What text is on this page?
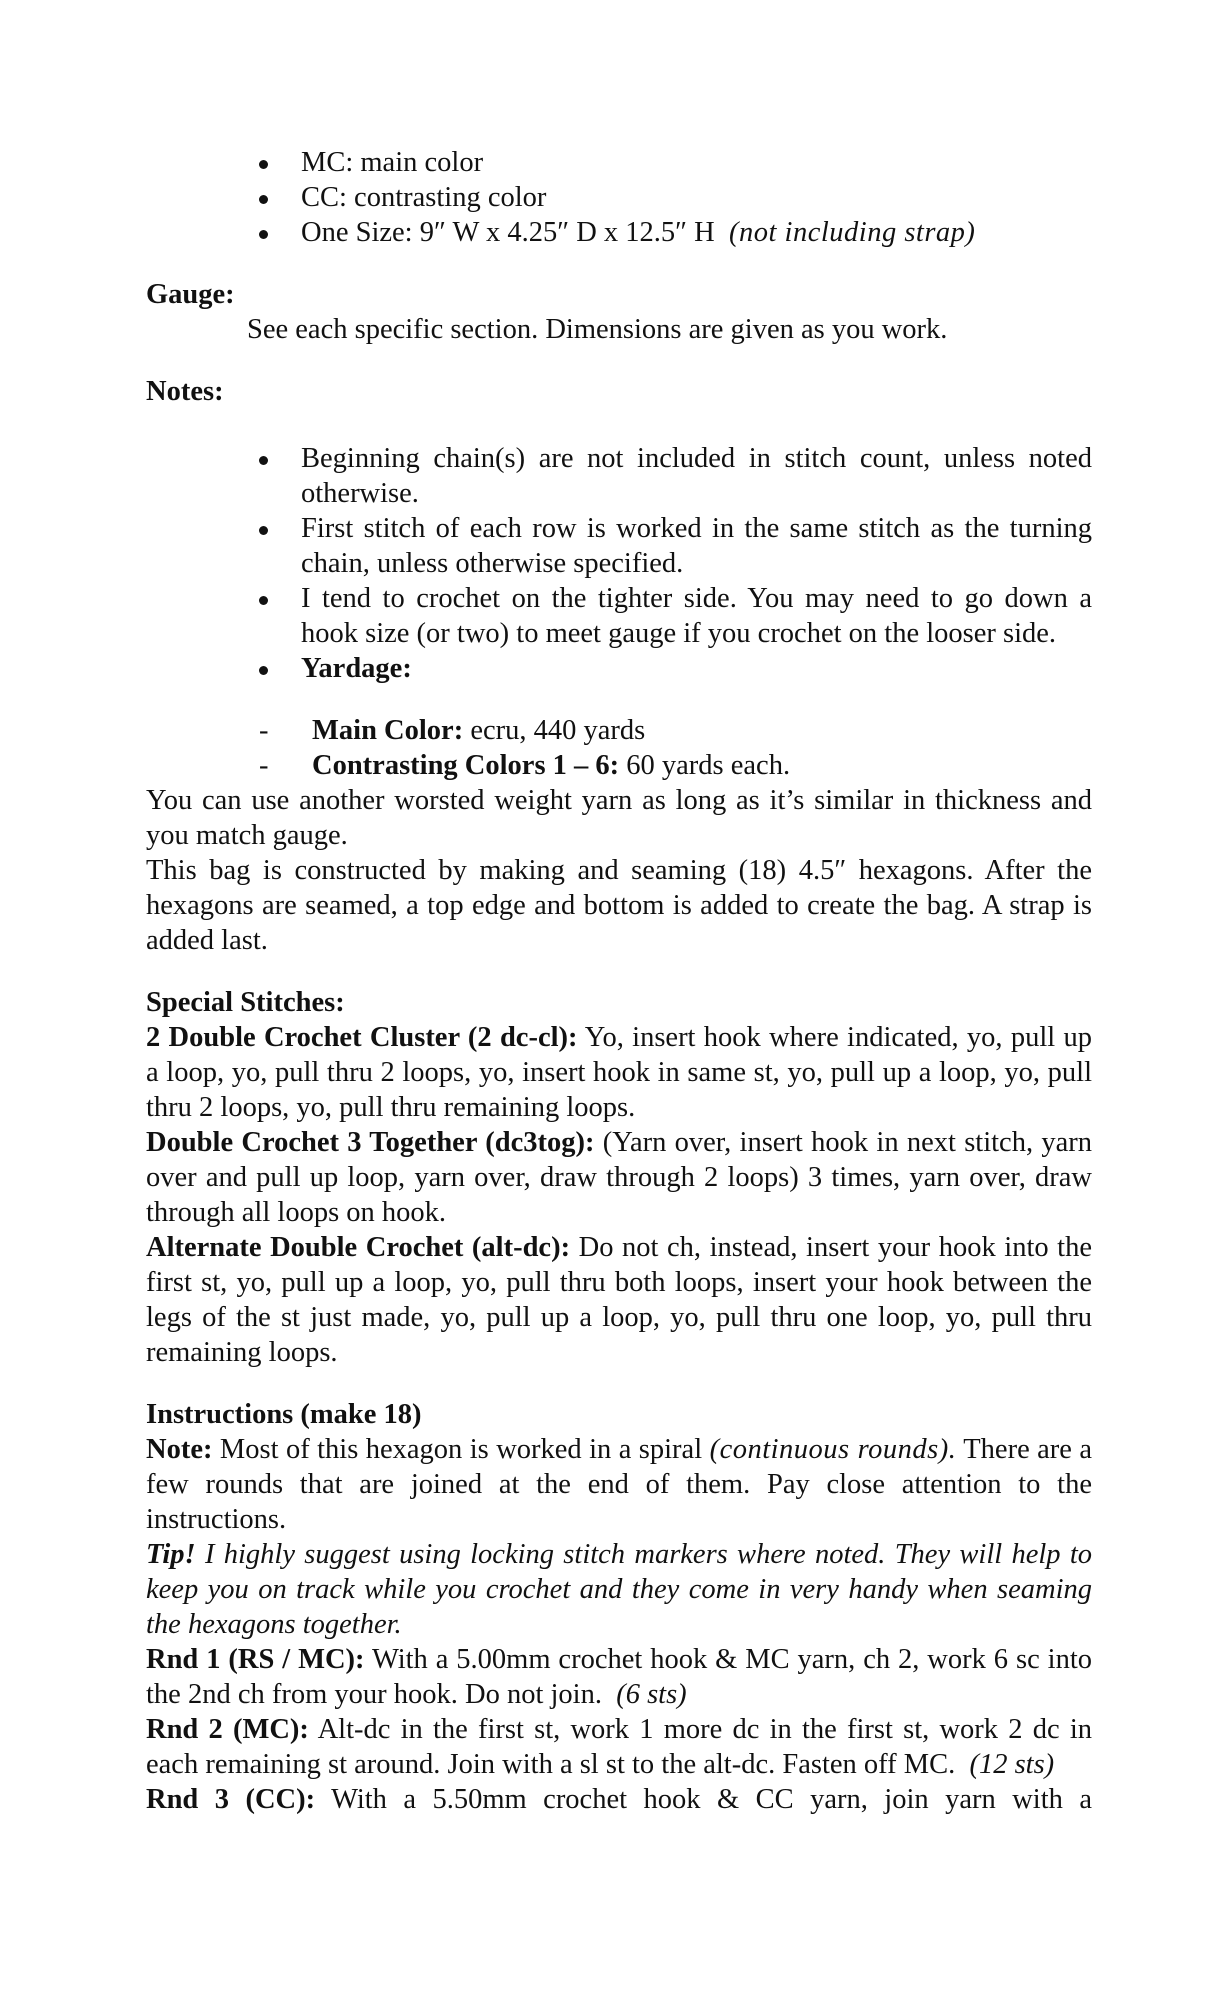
MC: main color
CC: contrasting color
One Size: 9″ W x 4.25″ D x 12.5″ H (not including strap)

Gauge:

See each specific section. Dimensions are given as you work.

Notes:

Beginning chain(s) are not included in stitch count, unless noted otherwise.
First stitch of each row is worked in the same stitch as the turning chain, unless otherwise specified.
I tend to crochet on the tighter side. You may need to go down a hook size (or two) to meet gauge if you crochet on the looser side.
Yardage:
- Main Color: ecru, 440 yards
- Contrasting Colors 1 – 6: 60 yards each.

You can use another worsted weight yarn as long as it’s similar in thickness and you match gauge.

This bag is constructed by making and seaming (18) 4.5″ hexagons. After the hexagons are seamed, a top edge and bottom is added to create the bag. A strap is added last.

Special Stitches:

2 Double Crochet Cluster (2 dc-cl): Yo, insert hook where indicated, yo, pull up a loop, yo, pull thru 2 loops, yo, insert hook in same st, yo, pull up a loop, yo, pull thru 2 loops, yo, pull thru remaining loops.

Double Crochet 3 Together (dc3tog): (Yarn over, insert hook in next stitch, yarn over and pull up loop, yarn over, draw through 2 loops) 3 times, yarn over, draw through all loops on hook.

Alternate Double Crochet (alt-dc): Do not ch, instead, insert your hook into the first st, yo, pull up a loop, yo, pull thru both loops, insert your hook between the legs of the st just made, yo, pull up a loop, yo, pull thru one loop, yo, pull thru remaining loops.

Instructions (make 18)

Note: Most of this hexagon is worked in a spiral (continuous rounds). There are a few rounds that are joined at the end of them. Pay close attention to the instructions.

Tip! I highly suggest using locking stitch markers where noted. They will help to keep you on track while you crochet and they come in very handy when seaming the hexagons together.

Rnd 1 (RS / MC): With a 5.00mm crochet hook & MC yarn, ch 2, work 6 sc into the 2nd ch from your hook. Do not join. (6 sts)

Rnd 2 (MC): Alt-dc in the first st, work 1 more dc in the first st, work 2 dc in each remaining st around. Join with a sl st to the alt-dc. Fasten off MC. (12 sts)

Rnd 3 (CC): With a 5.50mm crochet hook & CC yarn, join yarn with a
